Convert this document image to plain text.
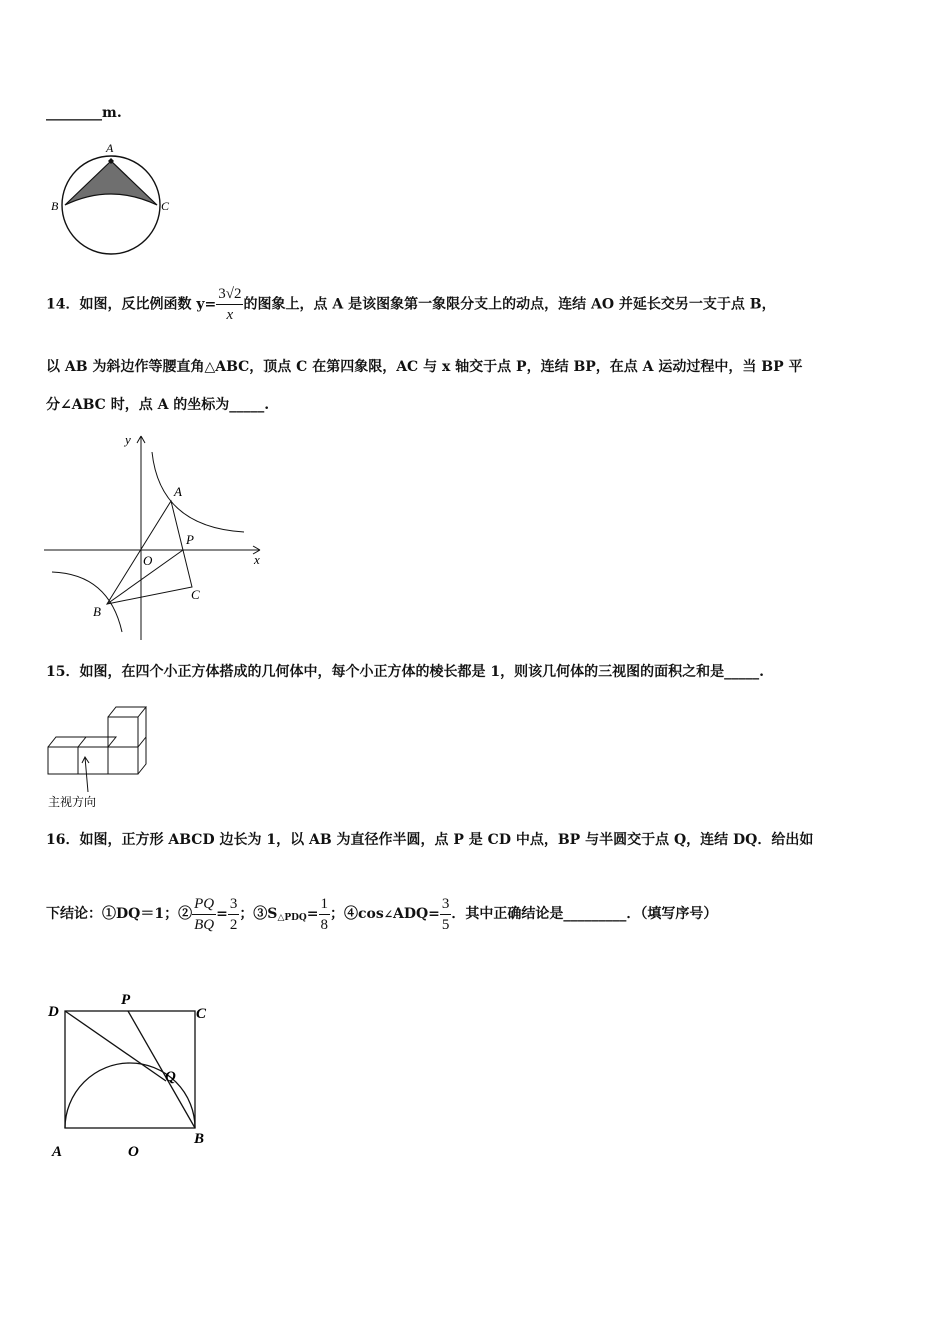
________m.
A
B	C
14．如图，反比例函数 $y= \frac{3√2}{x}$ 的图象上，点 A 是该图象第一象限分支上的动点，连结 AO 并延长交另一支于点 B，
以 AB 为斜边作等腰直角△ABC，顶点 C 在第四象限，AC 与 x 轴交于点 P，连结 BP，在点 A 运动过程中，当 BP 平
分∠ABC 时，点 A 的坐标为_____.
y
x
A
O
P
C
B
15．如图，在四个小正方体搭成的几何体中，每个小正方体的棱长都是 1，则该几何体的三视图的面积之和是_____.
主视方向
16．如图，正方形 ABCD 边长为 1，以 AB 为直径作半圆，点 P 是 CD 中点，BP 与半圆交于点 Q，连结 DQ．给出如
下结论：①DQ＝1；② $\frac{PQ}{BQ} = \frac{3}{2}$ ；$③S_{\triangle PDQ}= \frac{1}{8}$ ；④cos∠ADQ= $\frac{3}{5}$ ．其中正确结论是_________．（填写序号）
D
P
C
Q
A	O
B
